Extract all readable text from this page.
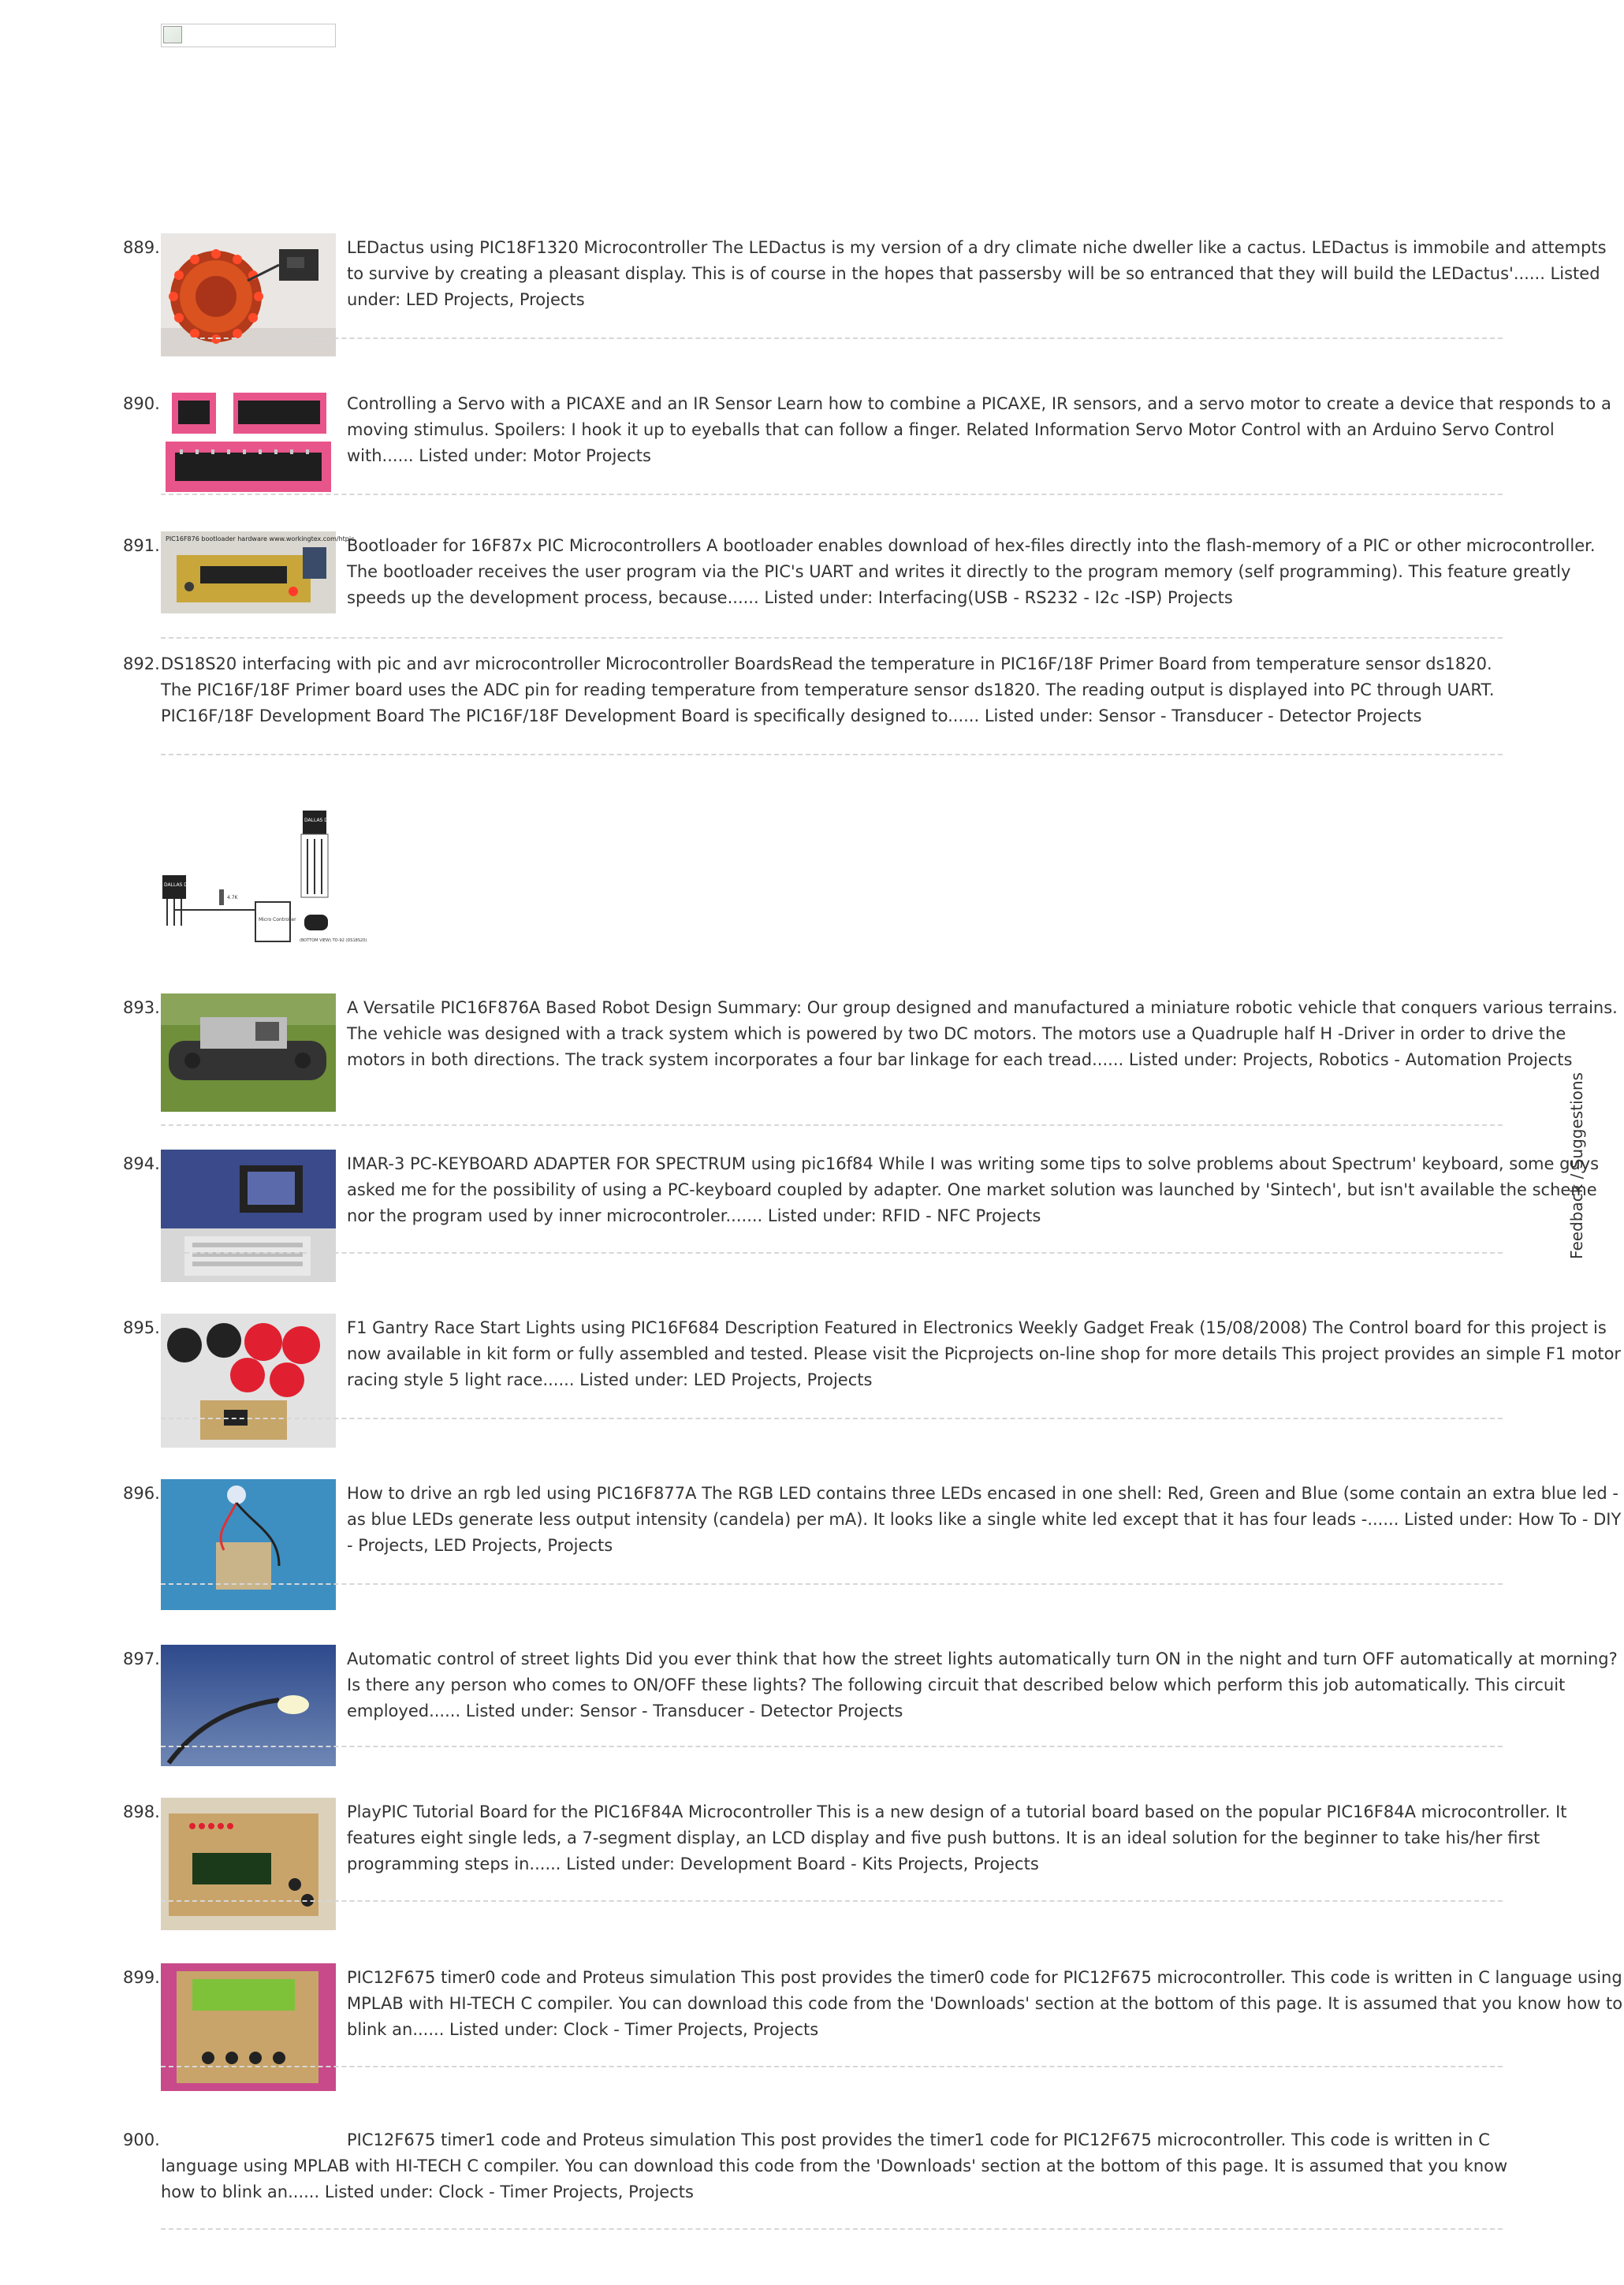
Feedback / Suggestions
889.	LEDactus using PIC18F1320 Microcontroller The LEDactus is my version of a dry climate niche dweller like a cactus. LEDactus is immobile and attempts to survive by creating a pleasant display. This is of course in the hopes that passersby will be so entranced that they will build the LEDactus'...... Listed under: LED Projects, Projects
890.	Controlling a Servo with a PICAXE and an IR Sensor Learn how to combine a PICAXE, IR sensors, and a servo motor to create a device that responds to a moving stimulus. Spoilers: I hook it up to eyeballs that can follow a finger. Related Information Servo Motor Control with an Arduino Servo Control with...... Listed under: Motor Projects
891. PIC16F876 bootloader hardware www.workingtex.com/htpic
Bootloader for 16F87x PIC Microcontrollers A bootloader enables download of hex-files directly into the flash-memory of a PIC or other microcontroller. The bootloader receives the user program via the PIC's UART and writes it directly to the program memory (self programming). This feature greatly speeds up the development process, because...... Listed under: Interfacing(USB - RS232 - I2c -ISP) Projects
892. DS18S20 interfacing with pic and avr microcontroller Microcontroller BoardsRead the temperature in PIC16F/18F Primer Board from temperature sensor ds1820. The PIC16F/18F Primer board uses the ADC pin for reading temperature from temperature sensor ds1820. The reading output is displayed into PC through UART. PIC16F/18F Development Board The PIC16F/18F Development Board is specifically designed to...... Listed under: Sensor - Transducer - Detector Projects
DALLAS DS18B20
4.7K
Micro Controller
DALLAS DS18B20
(BOTTOM VIEW) TO-92 (DS18S20)
893.	A Versatile PIC16F876A Based Robot Design Summary: Our group designed and manufactured a miniature robotic vehicle that conquers various terrains. The vehicle was designed with a track system which is powered by two DC motors. The motors use a Quadruple half H -Driver in order to drive the motors in both directions. The track system incorporates a four bar linkage for each tread...... Listed under: Projects, Robotics - Automation Projects
894.	IMAR-3 PC-KEYBOARD ADAPTER FOR SPECTRUM using pic16f84 While I was writing some tips to solve problems about Spectrum' keyboard, some guys asked me for the possibility of using a PC-keyboard coupled by adapter. One market solution was launched by 'Sintech', but isn't available the scheme nor the program used by inner microcontroler....... Listed under: RFID - NFC Projects
895.	F1 Gantry Race Start Lights using PIC16F684 Description Featured in Electronics Weekly Gadget Freak (15/08/2008) The Control board for this project is now available in kit form or fully assembled and tested. Please visit the Picprojects on-line shop for more details This project provides an simple F1 motor racing style 5 light race...... Listed under: LED Projects, Projects
896.	How to drive an rgb led using PIC16F877A The RGB LED contains three LEDs encased in one shell: Red, Green and Blue (some contain an extra blue led - as blue LEDs generate less output intensity (candela) per mA). It looks like a single white led except that it has four leads -...... Listed under: How To - DIY - Projects, LED Projects, Projects
897.	Automatic control of street lights Did you ever think that how the street lights automatically turn ON in the night and turn OFF automatically at morning? Is there any person who comes to ON/OFF these lights? The following circuit that described below which perform this job automatically. This circuit employed...... Listed under: Sensor - Transducer - Detector Projects
898.	PlayPIC Tutorial Board for the PIC16F84A Microcontroller This is a new design of a tutorial board based on the popular PIC16F84A microcontroller. It features eight single leds, a 7-segment display, an LCD display and five push buttons. It is an ideal solution for the beginner to take his/her first programming steps in...... Listed under: Development Board - Kits Projects, Projects
899.	PIC12F675 timer0 code and Proteus simulation This post provides the timer0 code for PIC12F675 microcontroller. This code is written in C language using MPLAB with HI-TECH C compiler. You can download this code from the 'Downloads' section at the bottom of this page. It is assumed that you know how to blink an...... Listed under: Clock - Timer Projects, Projects
900.	PIC12F675 timer1 code and Proteus simulation This post provides the timer1 code for PIC12F675 microcontroller. This code is written in C language using MPLAB with HI-TECH C compiler. You can download this code from the 'Downloads' section at the bottom of this page. It is assumed that you know how to blink an...... Listed under: Clock - Timer Projects, Projects
